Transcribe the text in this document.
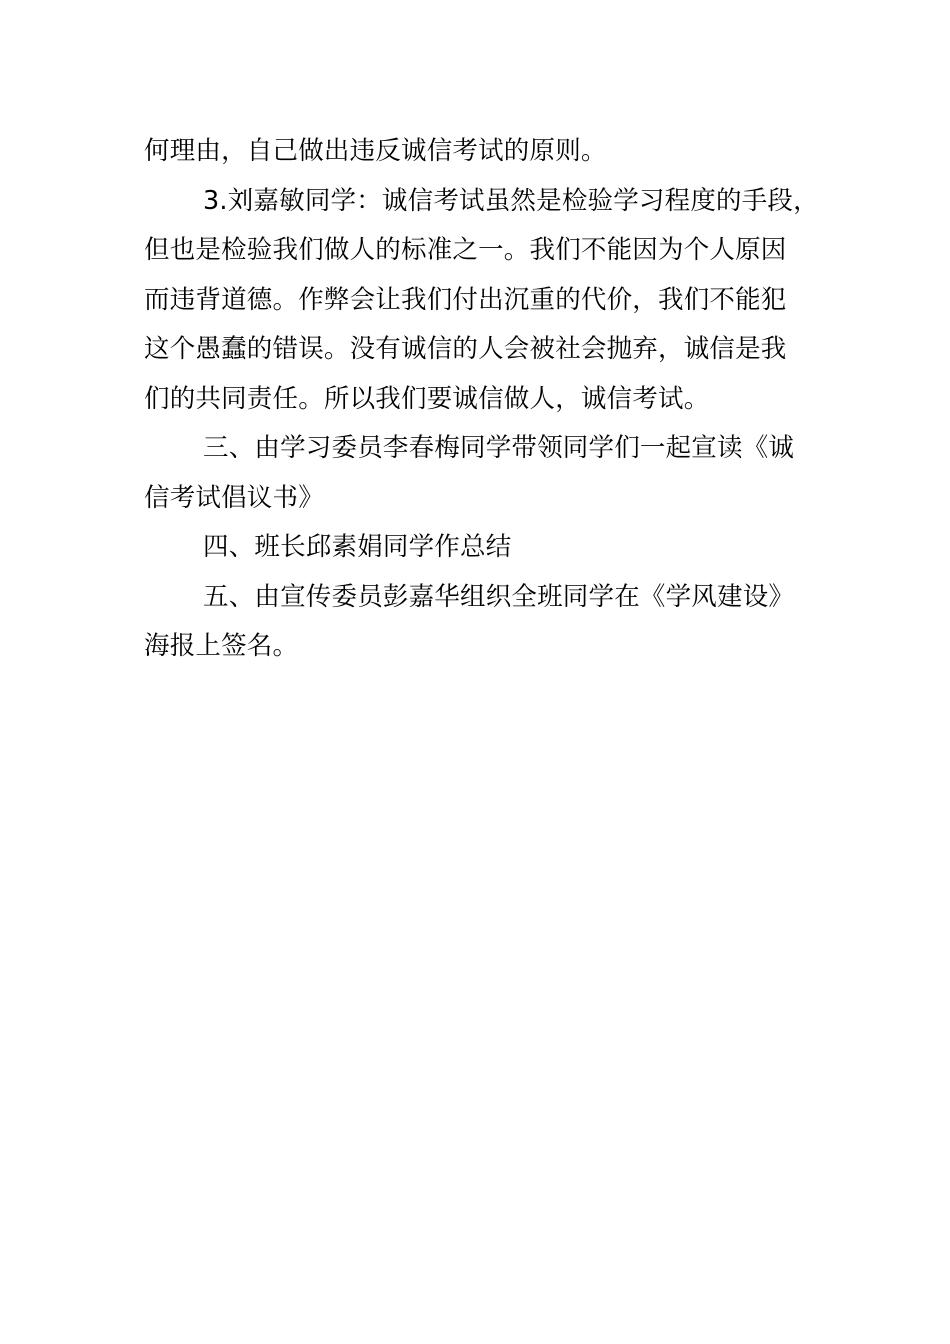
何理由，自己做出违反诚信考试的原则。
3.刘嘉敏同学：诚信考试虽然是检验学习程度的手段，
但也是检验我们做人的标准之一。我们不能因为个人原因
而违背道德。作弊会让我们付出沉重的代价，我们不能犯
这个愚蠢的错误。没有诚信的人会被社会抛弃，诚信是我
们的共同责任。所以我们要诚信做人，诚信考试。
三、由学习委员李春梅同学带领同学们一起宣读《诚
信考试倡议书》
四、班长邱素娟同学作总结
五、由宣传委员彭嘉华组织全班同学在《学风建设》
海报上签名。
